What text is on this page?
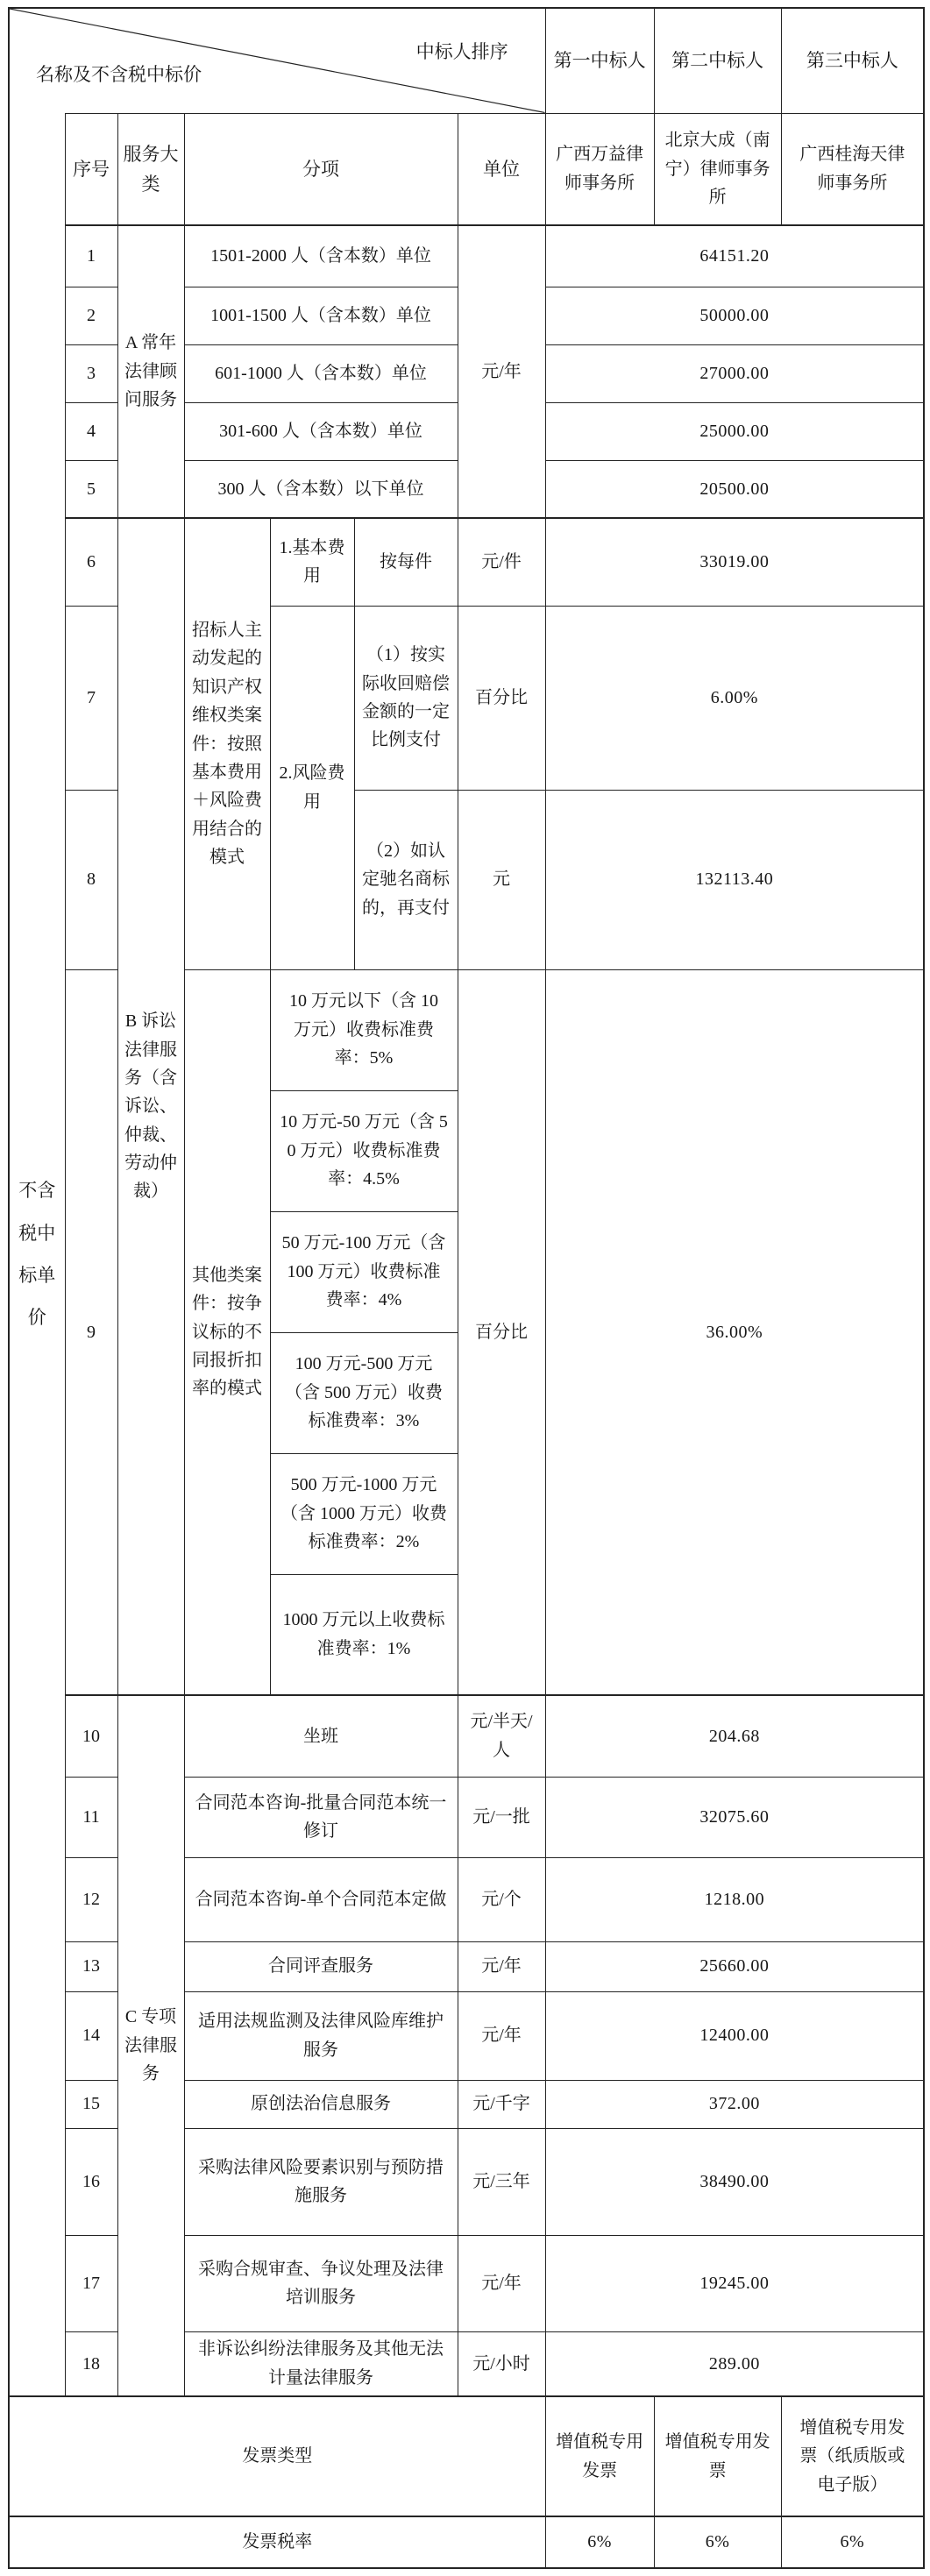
名称及不含税中标价
中标人排序							第一中标人	第二中标人	第三中标人
不含税中标单价	序号	服务大类	分项			单位	广西万益律师事务所	北京大成（南宁）律师事务所	广西桂海天律师事务所
	1	A 常年法律顾问服务	1501-2000 人（含本数）单位			元/年	64151.20		
	2		1001-1500 人（含本数）单位				50000.00		
	3		601-1000 人（含本数）单位				27000.00		
	4		301-600 人（含本数）单位				25000.00		
	5		300 人（含本数）以下单位				20500.00		
	6	B 诉讼法律服务（含诉讼、仲裁、劳动仲裁）	招标人主动发起的知识产权维权类案件：按照基本费用＋风险费用结合的模式	1.基本费用	按每件	元/件	33019.00		
	7			2.风险费用	（1）按实际收回赔偿金额的一定比例支付	百分比	6.00%		
	8				（2）如认定驰名商标的，再支付	元	132113.40		
	9		其他类案件：按争议标的不同报折扣率的模式	10 万元以下（含 10 万元）收费标准费率：5%		百分比	36.00%		
				10 万元-50 万元（含 50 万元）收费标准费率：4.5%					
				50 万元-100 万元（含 100 万元）收费标准费率：4%					
				100 万元-500 万元（含 500 万元）收费标准费率：3%					
				500 万元-1000 万元（含 1000 万元）收费标准费率：2%					
				1000 万元以上收费标准费率：1%					
	10	C 专项法律服务	坐班			元/半天/人	204.68		
	11		合同范本咨询-批量合同范本统一修订			元/一批	32075.60		
	12		合同范本咨询-单个合同范本定做			元/个	1218.00		
	13		合同评查服务			元/年	25660.00		
	14		适用法规监测及法律风险库维护服务			元/年	12400.00		
	15		原创法治信息服务			元/千字	372.00		
	16		采购法律风险要素识别与预防措施服务			元/三年	38490.00		
	17		采购合规审查、争议处理及法律培训服务			元/年	19245.00		
	18		非诉讼纠纷法律服务及其他无法计量法律服务			元/小时	289.00		
发票类型							增值税专用发票	增值税专用发票	增值税专用发票（纸质版或电子版）
发票税率							6%	6%	6%
